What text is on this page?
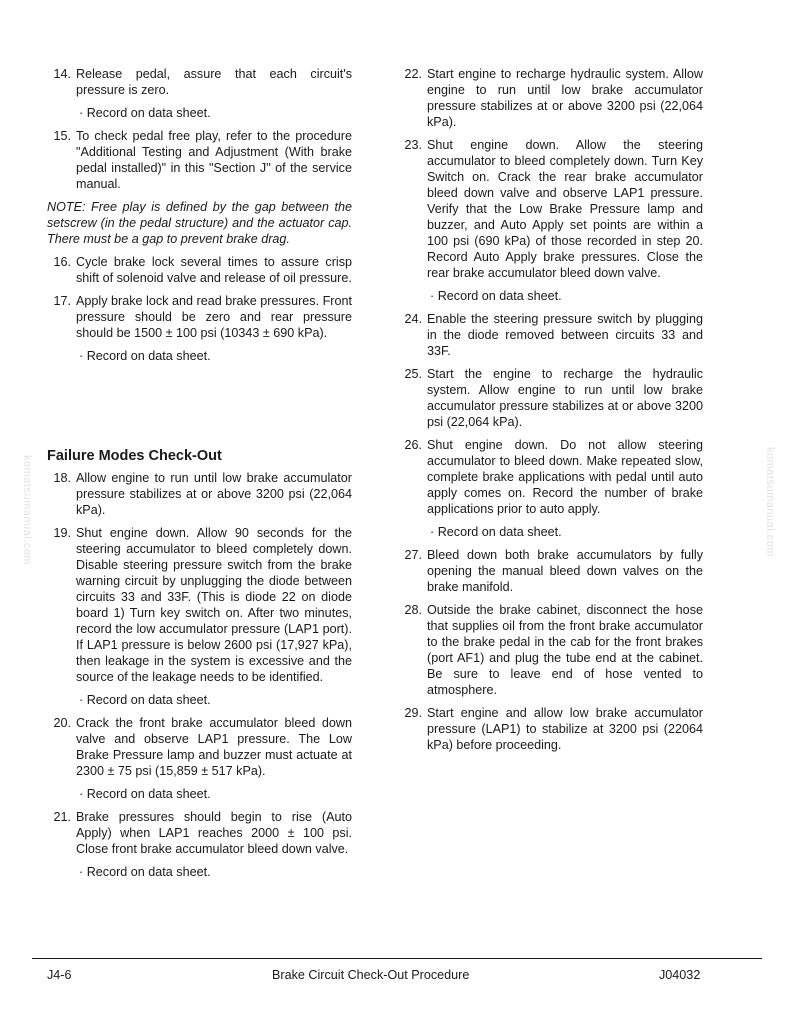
komatsumanual.com	komatsumanual.com
14. Release pedal, assure that each circuit's pressure is zero.
· Record on data sheet.
15. To check pedal free play, refer to the procedure "Additional Testing and Adjustment (With brake pedal installed)" in this "Section J" of the service manual.
NOTE: Free play is defined by the gap between the setscrew (in the pedal structure) and the actuator cap. There must be a gap to prevent brake drag.
16. Cycle brake lock several times to assure crisp shift of solenoid valve and release of oil pressure.
17. Apply brake lock and read brake pressures. Front pressure should be zero and rear pressure should be 1500 ± 100 psi (10343 ± 690 kPa).
· Record on data sheet.
Failure Modes Check-Out
18. Allow engine to run until low brake accumulator pressure stabilizes at or above 3200 psi (22,064 kPa).
19. Shut engine down. Allow 90 seconds for the steering accumulator to bleed completely down. Disable steering pressure switch from the brake warning circuit by unplugging the diode between circuits 33 and 33F. (This is diode 22 on diode board 1) Turn key switch on. After two minutes, record the low accumulator pressure (LAP1 port). If LAP1 pressure is below 2600 psi (17,927 kPa), then leakage in the system is excessive and the source of the leakage needs to be identified.
· Record on data sheet.
20. Crack the front brake accumulator bleed down valve and observe LAP1 pressure. The Low Brake Pressure lamp and buzzer must actuate at 2300 ± 75 psi (15,859 ± 517 kPa).
· Record on data sheet.
21. Brake pressures should begin to rise (Auto Apply) when LAP1 reaches 2000 ± 100 psi. Close front brake accumulator bleed down valve.
· Record on data sheet.
22. Start engine to recharge hydraulic system. Allow engine to run until low brake accumulator pressure stabilizes at or above 3200 psi (22,064 kPa).
23. Shut engine down. Allow the steering accumulator to bleed completely down. Turn Key Switch on. Crack the rear brake accumulator bleed down valve and observe LAP1 pressure. Verify that the Low Brake Pressure lamp and buzzer, and Auto Apply set points are within a 100 psi (690 kPa) of those recorded in step 20. Record Auto Apply brake pressures. Close the rear brake accumulator bleed down valve.
· Record on data sheet.
24. Enable the steering pressure switch by plugging in the diode removed between circuits 33 and 33F.
25. Start the engine to recharge the hydraulic system. Allow engine to run until low brake accumulator pressure stabilizes at or above 3200 psi (22,064 kPa).
26. Shut engine down. Do not allow steering accumulator to bleed down. Make repeated slow, complete brake applications with pedal until auto apply comes on. Record the number of brake applications prior to auto apply.
· Record on data sheet.
27. Bleed down both brake accumulators by fully opening the manual bleed down valves on the brake manifold.
28. Outside the brake cabinet, disconnect the hose that supplies oil from the front brake accumulator to the brake pedal in the cab for the front brakes (port AF1) and plug the tube end at the cabinet. Be sure to leave end of hose vented to atmosphere.
29. Start engine and allow low brake accumulator pressure (LAP1) to stabilize at 3200 psi (22064 kPa) before proceeding.
J4-6	Brake Circuit Check-Out Procedure	J04032
